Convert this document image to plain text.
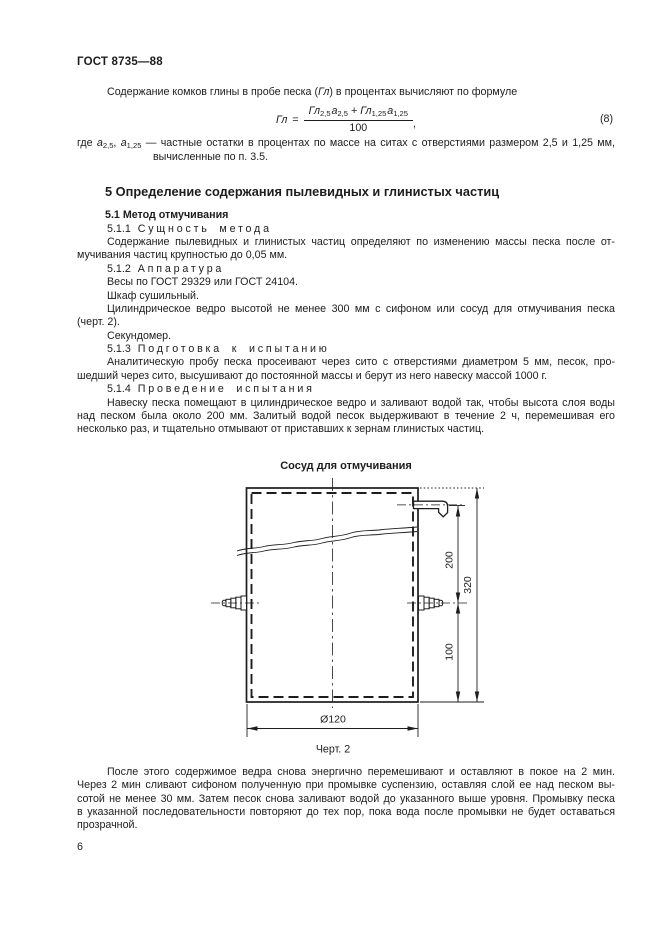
ГОСТ 8735—88
Содержание комков глины в пробе песка (Гл) в процентах вычисляют по формуле
Гл = $\frac{Гл_{2,5} a_{2,5} + Гл_{1,25} a_{1,25}}{100}$ ,	(8)
где $a_{2,5}$, $a_{1,25}$ — частные остатки в процентах по массе на ситах с отверстиями размером 2,5 и 1,25 мм,
вычисленные по п. 3.5.
5 Определение содержания пылевидных и глинистых частиц
5.1 Метод отмучивания
5.1.1 Сущность метода
Содержание пылевидных и глинистых частиц определяют по изменению массы песка после от-
мучивания частиц крупностью до 0,05 мм.
5.1.2 Аппаратура
Весы по ГОСТ 29329 или ГОСТ 24104.
Шкаф сушильный.
Цилиндрическое ведро высотой не менее 300 мм с сифоном или сосуд для отмучивания песка
(черт. 2).
Секундомер.
5.1.3 Подготовка к испытанию
Аналитическую пробу песка просеивают через сито с отверстиями диаметром 5 мм, песок, про-
шедший через сито, высушивают до постоянной массы и берут из него навеску массой 1000 г.
5.1.4 Проведение испытания
Навеску песка помещают в цилиндрическое ведро и заливают водой так, чтобы высота слоя воды
над песком была около 200 мм. Залитый водой песок выдерживают в течение 2 ч, перемешивая его
несколько раз, и тщательно отмывают от приставших к зернам глинистых частиц.
Сосуд для отмучивания
200
320
100
Ø120
Черт. 2
После этого содержимое ведра снова энергично перемешивают и оставляют в покое на 2 мин.
Через 2 мин сливают сифоном полученную при промывке суспензию, оставляя слой ее над песком вы-
сотой не менее 30 мм. Затем песок снова заливают водой до указанного выше уровня. Промывку песка
в указанной последовательности повторяют до тех пор, пока вода после промывки не будет оставаться
прозрачной.
6
